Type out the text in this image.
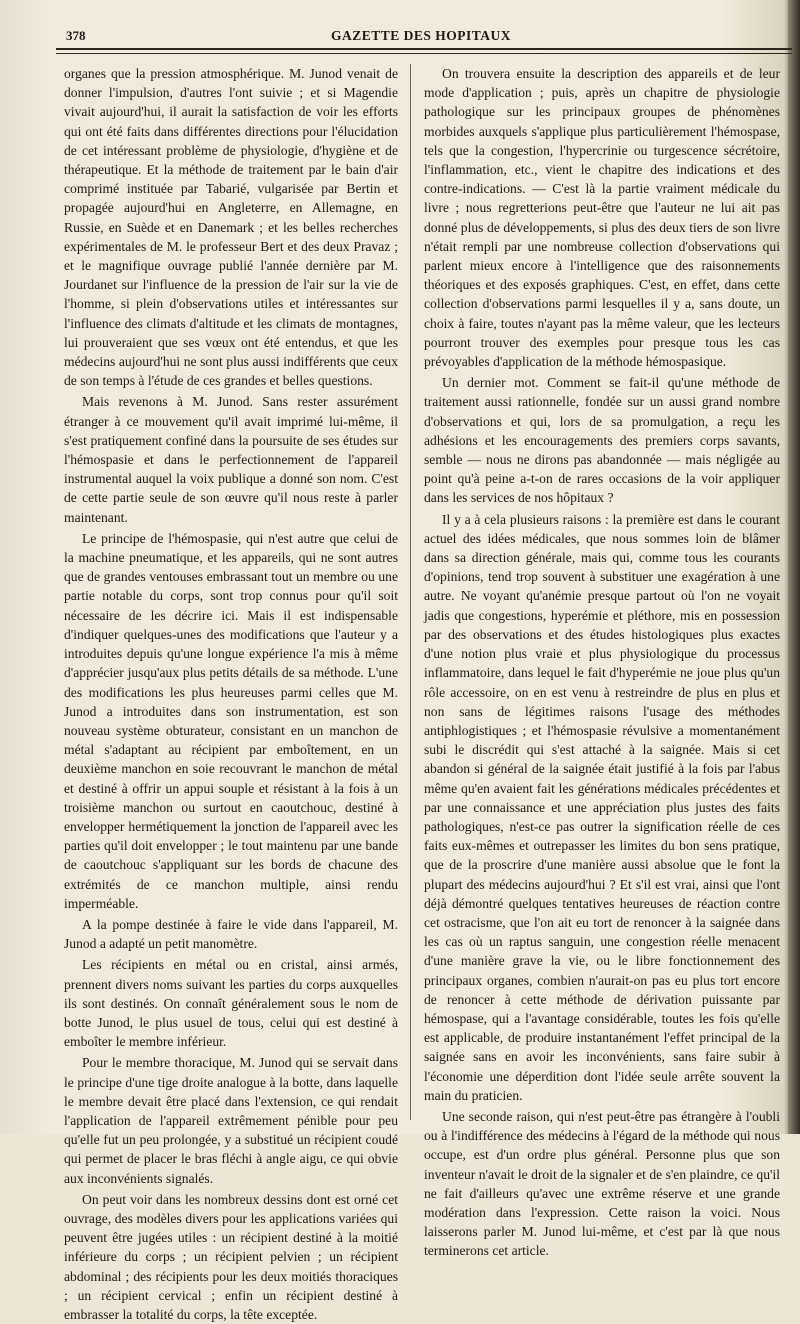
378	GAZETTE DES HOPITAUX

organes que la pression atmosphérique. M. Junod venait de donner l'impulsion, d'autres l'ont suivie ; et si Magendie vivait aujourd'hui, il aurait la satisfaction de voir les efforts qui ont été faits dans différentes directions pour l'élucidation de cet intéressant problème de physiologie, d'hygiène et de thérapeutique. Et la méthode de traitement par le bain d'air comprimé instituée par Tabarié, vulgarisée par Bertin et propagée aujourd'hui en Angleterre, en Allemagne, en Russie, en Suède et en Danemark ; et les belles recherches expérimentales de M. le professeur Bert et des deux Pravaz ; et le magnifique ouvrage publié l'année dernière par M. Jourdanet sur l'influence de la pression de l'air sur la vie de l'homme, si plein d'observations utiles et intéressantes sur l'influence des climats d'altitude et les climats de montagnes, lui prouveraient que ses vœux ont été entendus, et que les médecins aujourd'hui ne sont plus aussi indifférents que ceux de son temps à l'étude de ces grandes et belles questions.

Mais revenons à M. Junod. Sans rester assurément étranger à ce mouvement qu'il avait imprimé lui-même, il s'est pratiquement confiné dans la poursuite de ses études sur l'hémospasie et dans le perfectionnement de l'appareil instrumental auquel la voix publique a donné son nom. C'est de cette partie seule de son œuvre qu'il nous reste à parler maintenant.

Le principe de l'hémospasie, qui n'est autre que celui de la machine pneumatique, et les appareils, qui ne sont autres que de grandes ventouses embrassant tout un membre ou une partie notable du corps, sont trop connus pour qu'il soit nécessaire de les décrire ici. Mais il est indispensable d'indiquer quelques-unes des modifications que l'auteur y a introduites depuis qu'une longue expérience l'a mis à même d'apprécier jusqu'aux plus petits détails de sa méthode. L'une des modifications les plus heureuses parmi celles que M. Junod a introduites dans son instrumentation, est son nouveau système obturateur, consistant en un manchon de métal s'adaptant au récipient par emboîtement, en un deuxième manchon en soie recouvrant le manchon de métal et destiné à offrir un appui souple et résistant à la fois à un troisième manchon ou surtout en caoutchouc, destiné à envelopper hermétiquement la jonction de l'appareil avec les parties qu'il doit envelopper ; le tout maintenu par une bande de caoutchouc s'appliquant sur les bords de chacune des extrémités de ce manchon multiple, ainsi rendu imperméable.

A la pompe destinée à faire le vide dans l'appareil, M. Junod a adapté un petit manomètre.

Les récipients en métal ou en cristal, ainsi armés, prennent divers noms suivant les parties du corps auxquelles ils sont destinés. On connaît généralement sous le nom de botte Junod, le plus usuel de tous, celui qui est destiné à emboîter le membre inférieur.

Pour le membre thoracique, M. Junod qui se servait dans le principe d'une tige droite analogue à la botte, dans laquelle le membre devait être placé dans l'extension, ce qui rendait l'application de l'appareil extrêmement pénible pour peu qu'elle fut un peu prolongée, y a substitué un récipient coudé qui permet de placer le bras fléchi à angle aigu, ce qui obvie aux inconvénients signalés.

On peut voir dans les nombreux dessins dont est orné cet ouvrage, des modèles divers pour les applications variées qui peuvent être jugées utiles : un récipient destiné à la moitié inférieure du corps ; un récipient pelvien ; un récipient abdominal ; des récipients pour les deux moitiés thoraciques ; un récipient cervical ; enfin un récipient destiné à embrasser la totalité du corps, la tête exceptée.

On trouvera ensuite la description des appareils et de leur mode d'application ; puis, après un chapitre de physiologie pathologique sur les principaux groupes de phénomènes morbides auxquels s'applique plus particulièrement l'hémospase, tels que la congestion, l'hypercrinie ou turgescence sécrétoire, l'inflammation, etc., vient le chapitre des indications et des contre-indications. — C'est là la partie vraiment médicale du livre ; nous regretterions peut-être que l'auteur ne lui ait pas donné plus de développements, si plus des deux tiers de son livre n'était rempli par une nombreuse collection d'observations qui parlent mieux encore à l'intelligence que des raisonnements théoriques et des exposés graphiques. C'est, en effet, dans cette collection d'observations parmi lesquelles il y a, sans doute, un choix à faire, toutes n'ayant pas la même valeur, que les lecteurs pourront trouver des exemples pour presque tous les cas prévoyables d'application de la méthode hémospasique.

Un dernier mot. Comment se fait-il qu'une méthode de traitement aussi rationnelle, fondée sur un aussi grand nombre d'observations et qui, lors de sa promulgation, a reçu les adhésions et les encouragements des premiers corps savants, semble — nous ne dirons pas abandonnée — mais négligée au point qu'à peine a-t-on de rares occasions de la voir appliquer dans les services de nos hôpitaux ?

Il y a à cela plusieurs raisons : la première est dans le courant actuel des idées médicales, que nous sommes loin de blâmer dans sa direction générale, mais qui, comme tous les courants d'opinions, tend trop souvent à substituer une exagération à une autre. Ne voyant qu'anémie presque partout où l'on ne voyait jadis que congestions, hyperémie et pléthore, mis en possession par des observations et des études histologiques plus exactes d'une notion plus vraie et plus physiologique du processus inflammatoire, dans lequel le fait d'hyperémie ne joue plus qu'un rôle accessoire, on en est venu à restreindre de plus en plus et non sans de légitimes raisons l'usage des méthodes antiphlogistiques ; et l'hémospasie révulsive a momentanément subi le discrédit qui s'est attaché à la saignée. Mais si cet abandon si général de la saignée était justifié à la fois par l'abus même qu'en avaient fait les générations médicales précédentes et par une connaissance et une appréciation plus justes des faits pathologiques, n'est-ce pas outrer la signification réelle de ces faits eux-mêmes et outrepasser les limites du bon sens pratique, que de la proscrire d'une manière aussi absolue que le font la plupart des médecins aujourd'hui ? Et s'il est vrai, ainsi que l'ont déjà démontré quelques tentatives heureuses de réaction contre cet ostracisme, que l'on ait eu tort de renoncer à la saignée dans les cas où un raptus sanguin, une congestion réelle menacent d'une manière grave la vie, ou le libre fonctionnement des principaux organes, combien n'aurait-on pas eu plus tort encore de renoncer à cette méthode de dérivation puissante par hémospase, qui a l'avantage considérable, toutes les fois qu'elle est applicable, de produire instantanément l'effet principal de la saignée sans en avoir les inconvénients, sans faire subir à l'économie une déperdition dont l'idée seule arrête souvent la main du praticien.

Une seconde raison, qui n'est peut-être pas étrangère à l'oubli ou à l'indifférence des médecins à l'égard de la méthode qui nous occupe, est d'un ordre plus général. Personne plus que son inventeur n'avait le droit de la signaler et de s'en plaindre, ce qu'il ne fait d'ailleurs qu'avec une extrême réserve et une grande modération dans l'expression. Cette raison la voici. Nous laisserons parler M. Junod lui-même, et c'est par là que nous terminerons cet article.
